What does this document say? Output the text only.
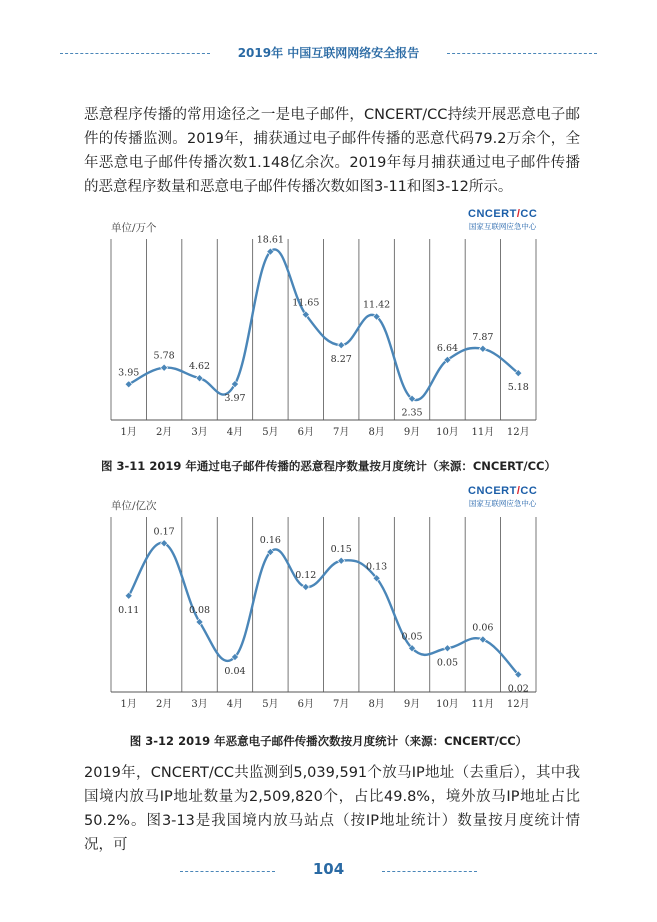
2019年 中国互联网网络安全报告
恶意程序传播的常用途径之一是电子邮件，CNCERT/CC持续开展恶意电子邮件的传播监测。2019年，捕获通过电子邮件传播的恶意代码79.2万余个，全年恶意电子邮件传播次数1.148亿余次。2019年每月捕获通过电子邮件传播的恶意程序数量和恶意电子邮件传播次数如图3-11和图3-12所示。
单位/万个
3.95
5.78
4.62
3.97
18.61
11.65
8.27
11.42
2.35
6.64
7.87
5.18
1月 2月 3月 4月 5月 6月 7月 8月 9月 10月 11月 12月
CNCERT/CC
国家互联网应急中心
图 3-11 2019 年通过电子邮件传播的恶意程序数量按月度统计（来源：CNCERT/CC）
单位/亿次
0.11
0.17
0.08
0.04
0.16
0.12
0.15
0.13
0.05
0.05
0.06
0.02
1月 2月 3月 4月 5月 6月 7月 8月 9月 10月 11月 12月
CNCERT/CC
国家互联网应急中心
图 3-12 2019 年恶意电子邮件传播次数按月度统计（来源：CNCERT/CC）
2019年，CNCERT/CC共监测到5,039,591个放马IP地址（去重后），其中我国境内放马IP地址数量为2,509,820个，占比49.8%，境外放马IP地址占比50.2%。图3-13是我国境内放马站点（按IP地址统计）数量按月度统计情况，可
104
